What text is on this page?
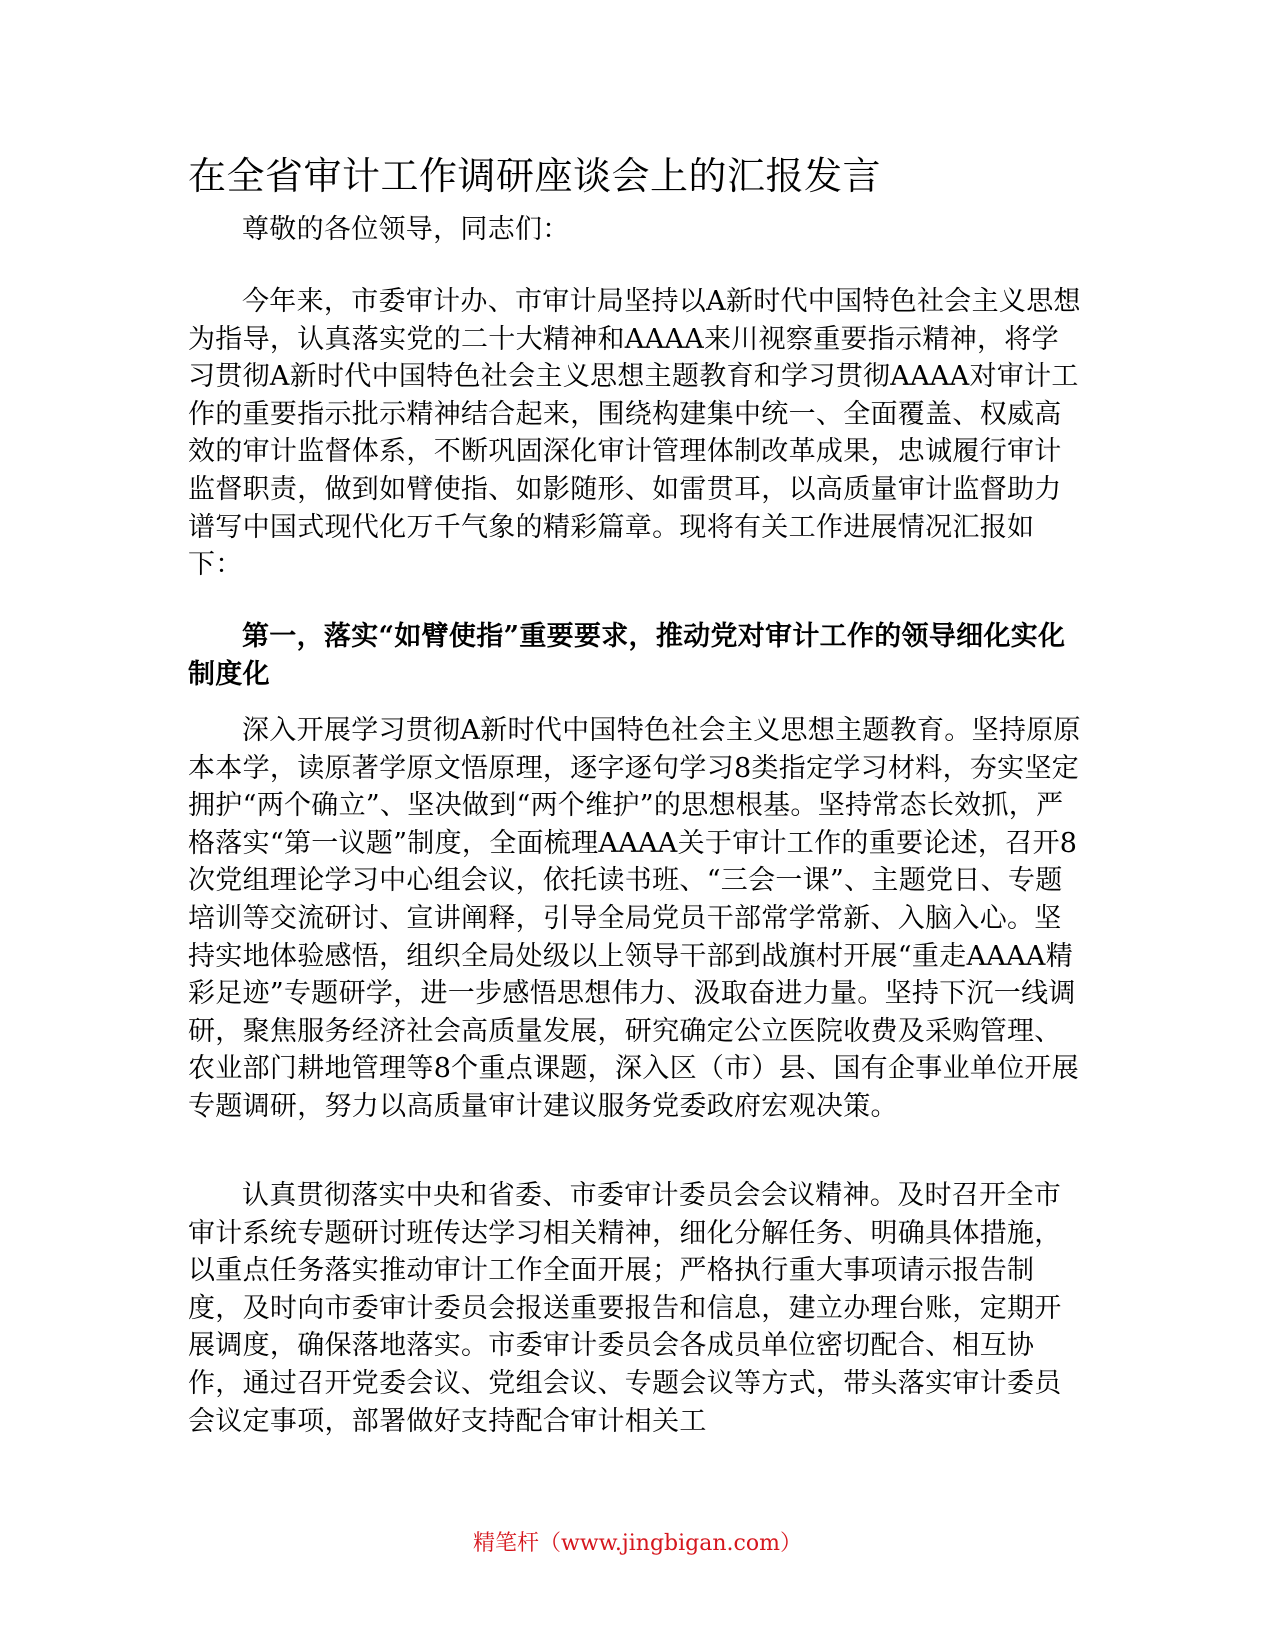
在全省审计工作调研座谈会上的汇报发言

尊敬的各位领导，同志们：

今年来，市委审计办、市审计局坚持以A新时代中国特色社会主义思想为指导，认真落实党的二十大精神和AAAA来川视察重要指示精神，将学习贯彻A新时代中国特色社会主义思想主题教育和学习贯彻AAAA对审计工作的重要指示批示精神结合起来，围绕构建集中统一、全面覆盖、权威高效的审计监督体系，不断巩固深化审计管理体制改革成果，忠诚履行审计监督职责，做到如臂使指、如影随形、如雷贯耳，以高质量审计监督助力谱写中国式现代化万千气象的精彩篇章。现将有关工作进展情况汇报如下：

第一，落实“如臂使指”重要要求，推动党对审计工作的领导细化实化制度化

深入开展学习贯彻A新时代中国特色社会主义思想主题教育。坚持原原本本学，读原著学原文悟原理，逐字逐句学习8类指定学习材料，夯实坚定拥护“两个确立”、坚决做到“两个维护”的思想根基。坚持常态长效抓，严格落实“第一议题”制度，全面梳理AAAA关于审计工作的重要论述，召开8次党组理论学习中心组会议，依托读书班、“三会一课”、主题党日、专题培训等交流研讨、宣讲阐释，引导全局党员干部常学常新、入脑入心。坚持实地体验感悟，组织全局处级以上领导干部到战旗村开展“重走AAAA精彩足迹”专题研学，进一步感悟思想伟力、汲取奋进力量。坚持下沉一线调研，聚焦服务经济社会高质量发展，研究确定公立医院收费及采购管理、农业部门耕地管理等8个重点课题，深入区（市）县、国有企事业单位开展专题调研，努力以高质量审计建议服务党委政府宏观决策。

认真贯彻落实中央和省委、市委审计委员会会议精神。及时召开全市审计系统专题研讨班传达学习相关精神，细化分解任务、明确具体措施，以重点任务落实推动审计工作全面开展；严格执行重大事项请示报告制度，及时向市委审计委员会报送重要报告和信息，建立办理台账，定期开展调度，确保落地落实。市委审计委员会各成员单位密切配合、相互协作，通过召开党委会议、党组会议、专题会议等方式，带头落实审计委员会议定事项，部署做好支持配合审计相关工

精笔杆（www.jingbigan.com）
